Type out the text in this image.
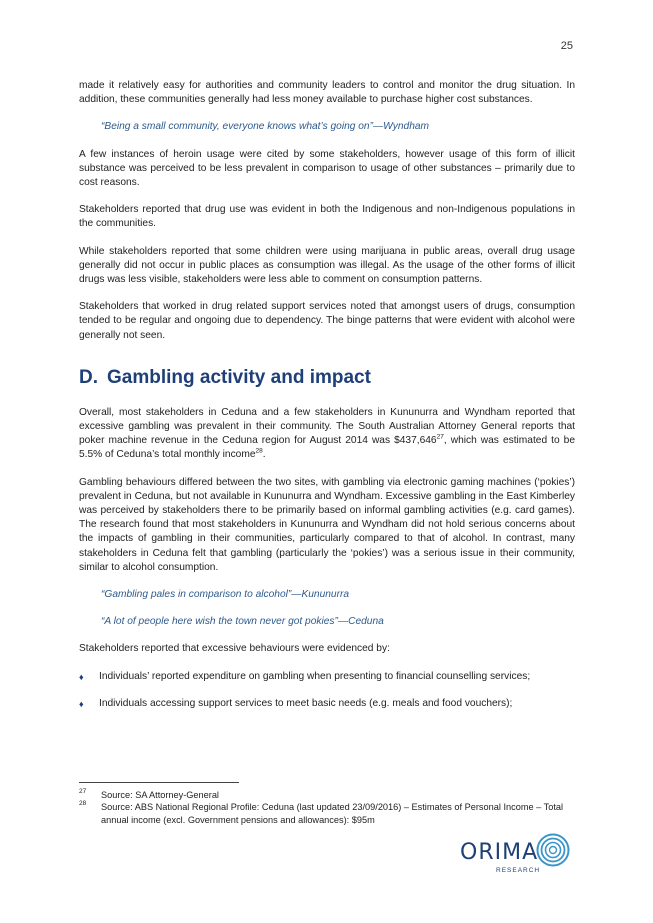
25

made it relatively easy for authorities and community leaders to control and monitor the drug situation. In addition, these communities generally had less money available to purchase higher cost substances.

“Being a small community, everyone knows what’s going on”—Wyndham

A few instances of heroin usage were cited by some stakeholders, however usage of this form of illicit substance was perceived to be less prevalent in comparison to usage of other substances – primarily due to cost reasons.

Stakeholders reported that drug use was evident in both the Indigenous and non-Indigenous populations in the communities.

While stakeholders reported that some children were using marijuana in public areas, overall drug usage generally did not occur in public places as consumption was illegal. As the usage of the other forms of illicit drugs was less visible, stakeholders were less able to comment on consumption patterns.

Stakeholders that worked in drug related support services noted that amongst users of drugs, consumption tended to be regular and ongoing due to dependency. The binge patterns that were evident with alcohol were generally not seen.

D. Gambling activity and impact

Overall, most stakeholders in Ceduna and a few stakeholders in Kununurra and Wyndham reported that excessive gambling was prevalent in their community. The South Australian Attorney General reports that poker machine revenue in the Ceduna region for August 2014 was $437,646$^{27}$, which was estimated to be 5.5% of Ceduna’s total monthly income$^{28}$.

Gambling behaviours differed between the two sites, with gambling via electronic gaming machines (‘pokies’) prevalent in Ceduna, but not available in Kununurra and Wyndham. Excessive gambling in the East Kimberley was perceived by stakeholders there to be primarily based on informal gambling activities (e.g. card games). The research found that most stakeholders in Kununurra and Wyndham did not hold serious concerns about the impacts of gambling in their communities, particularly compared to that of alcohol. In contrast, many stakeholders in Ceduna felt that gambling (particularly the ‘pokies’) was a serious issue in their community, similar to alcohol consumption.

“Gambling pales in comparison to alcohol”—Kununurra

“A lot of people here wish the town never got pokies”—Ceduna

Stakeholders reported that excessive behaviours were evidenced by:

♦ Individuals’ reported expenditure on gambling when presenting to financial counselling services;
♦ Individuals accessing support services to meet basic needs (e.g. meals and food vouchers);
27 Source: SA Attorney-General
28 Source: ABS National Regional Profile: Ceduna (last updated 23/09/2016) – Estimates of Personal Income – Total annual income (excl. Government pensions and allowances): $95m
ORIMA
RESEARCH
